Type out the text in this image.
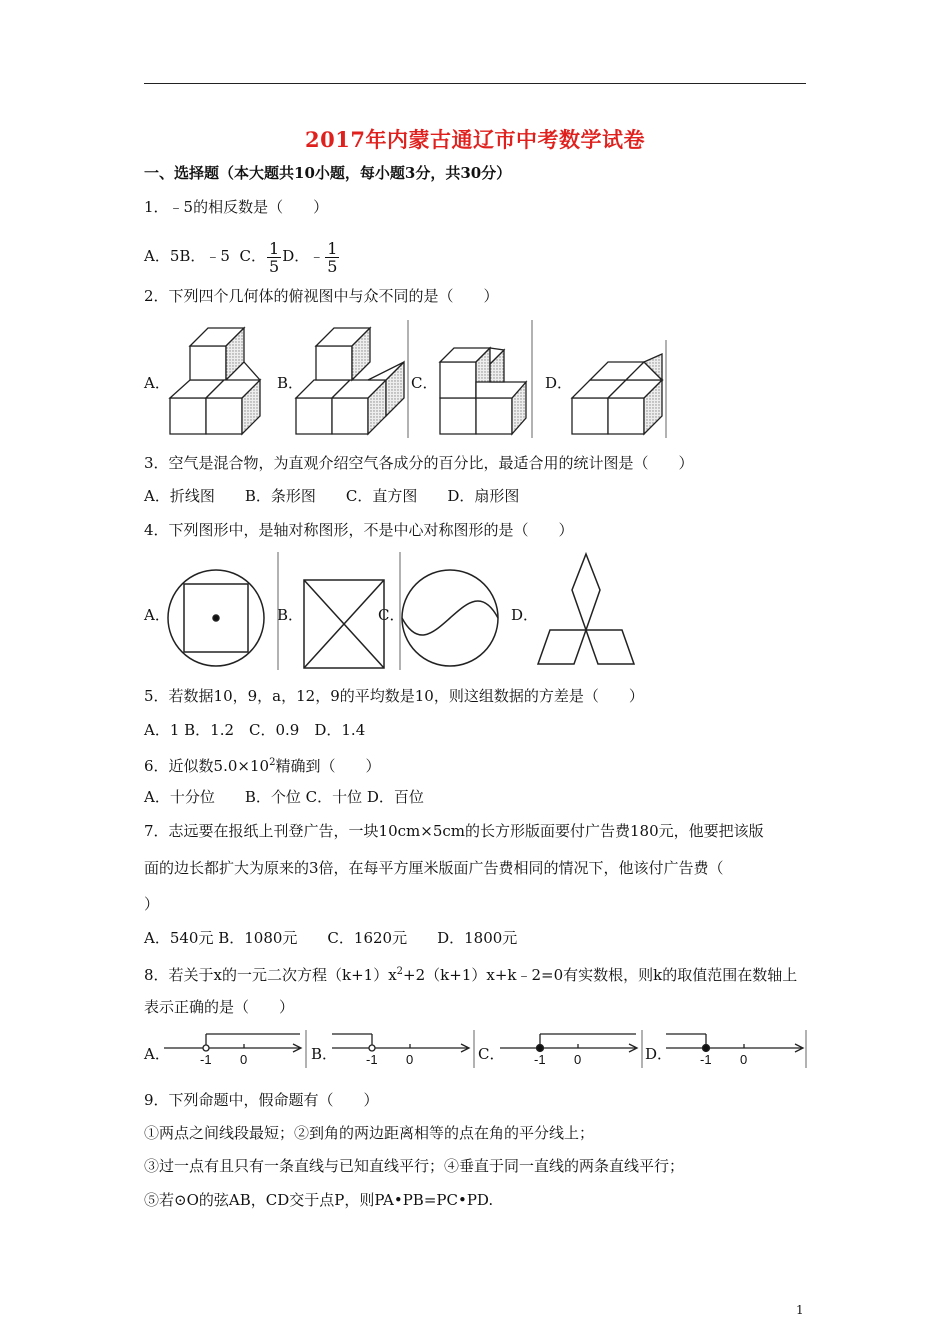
2017年内蒙古通辽市中考数学试卷
一、选择题（本大题共10小题，每小题3分，共30分）
1．﹣5的相反数是（　　）
A．5B．﹣5 C． $\frac{1}{5}$ D．﹣ $\frac{1}{5}$
2．下列四个几何体的俯视图中与众不同的是（　　）
A．	B．	C．	D．
3．空气是混合物，为直观介绍空气各成分的百分比，最适合用的统计图是（　　）
A．折线图　　B．条形图　　C．直方图　　D．扇形图
4．下列图形中，是轴对称图形，不是中心对称图形的是（　　）
A．	B．	C．	D．
5．若数据10，9，a，12，9的平均数是10，则这组数据的方差是（　　）
A．1 B．1.2　C．0.9　D．1.4
6．近似数$5.0\times 10^2$精确到（　　）
A．十分位　　B．个位 C．十位 D．百位
7．志远要在报纸上刊登广告，一块10cm×5cm的长方形版面要付广告费180元，他要把该版
面的边长都扩大为原来的3倍，在每平方厘米版面广告费相同的情况下，他该付广告费（
）
A．540元 B．1080元　　C．1620元　　D．1800元
8．若关于x的一元二次方程$(k+1)x^2+2(k+1)x+k﹣2=0$有实数根，则k的取值范围在数轴上
表示正确的是（　　）
A．	B．	C．	D．
-1 0	-1 0	-1 0	-1 0
9．下列命题中，假命题有（　　）
①两点之间线段最短；②到角的两边距离相等的点在角的平分线上；
③过一点有且只有一条直线与已知直线平行；④垂直于同一直线的两条直线平行；
⑤若⊙O的弦AB，CD交于点P，则PA•PB=PC•PD.
1
